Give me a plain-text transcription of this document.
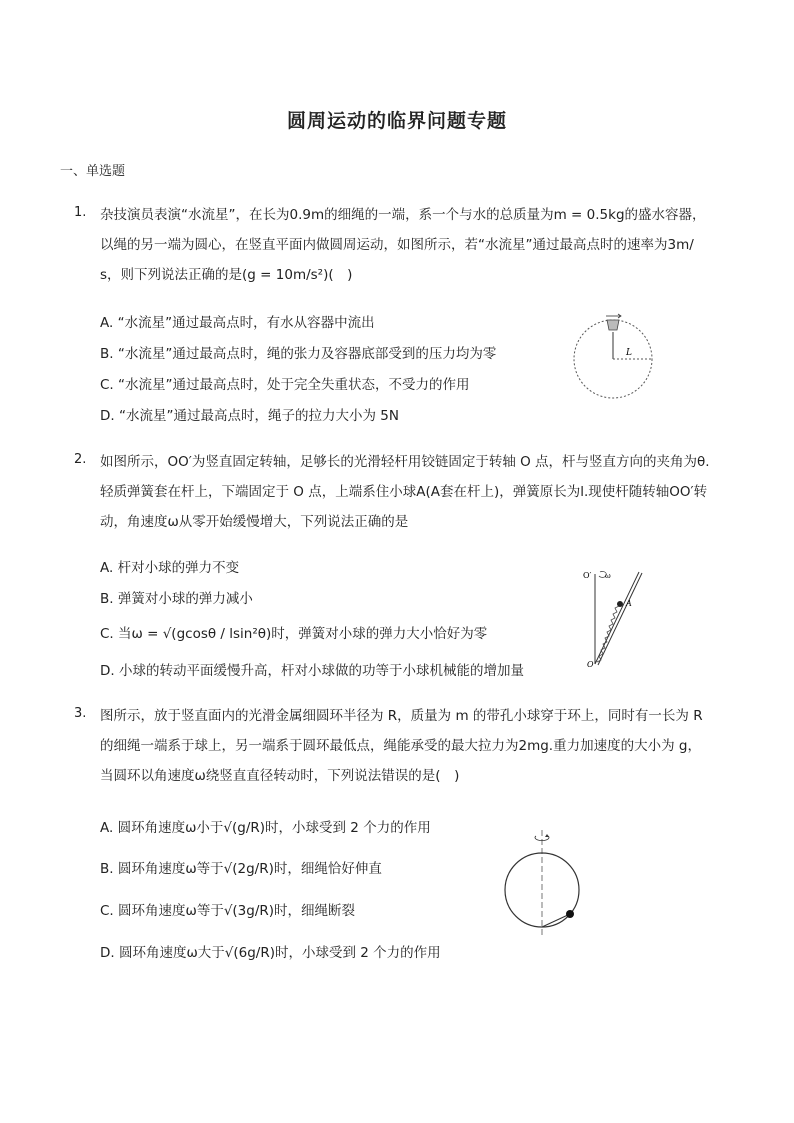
圆周运动的临界问题专题
一、单选题
1. 杂技演员表演“水流星”，在长为0.9m的细绳的一端，系一个与水的总质量为m = 0.5kg的盛水容器，
以绳的另一端为圆心，在竖直平面内做圆周运动，如图所示，若“水流星”通过最高点时的速率为3m/
s，则下列说法正确的是(g = 10m/s²)(　)
A. “水流星”通过最高点时，有水从容器中流出
B. “水流星”通过最高点时，绳的张力及容器底部受到的压力均为零
C. “水流星”通过最高点时，处于完全失重状态，不受力的作用
D. “水流星”通过最高点时，绳子的拉力大小为 5N
L
2. 如图所示，OO′为竖直固定转轴，足够长的光滑轻杆用铰链固定于转轴 O 点，杆与竖直方向的夹角为θ.
轻质弹簧套在杆上，下端固定于 O 点，上端系住小球A(A套在杆上)，弹簧原长为l.现使杆随转轴OO′转
动，角速度ω从零开始缓慢增大，下列说法正确的是
A. 杆对小球的弹力不变
B. 弹簧对小球的弹力减小
C. 当ω = √(gcosθ / lsin²θ)时，弹簧对小球的弹力大小恰好为零
D. 小球的转动平面缓慢升高，杆对小球做的功等于小球机械能的增加量
O′ ω
A
O
3. 图所示，放于竖直面内的光滑金属细圆环半径为 R，质量为 m 的带孔小球穿于环上，同时有一长为 R
的细绳一端系于球上，另一端系于圆环最低点，绳能承受的最大拉力为2mg.重力加速度的大小为 g，
当圆环以角速度ω绕竖直直径转动时，下列说法错误的是(　)
A. 圆环角速度ω小于√(g/R)时，小球受到 2 个力的作用
B. 圆环角速度ω等于√(2g/R)时，细绳恰好伸直
C. 圆环角速度ω等于√(3g/R)时，细绳断裂
D. 圆环角速度ω大于√(6g/R)时，小球受到 2 个力的作用
